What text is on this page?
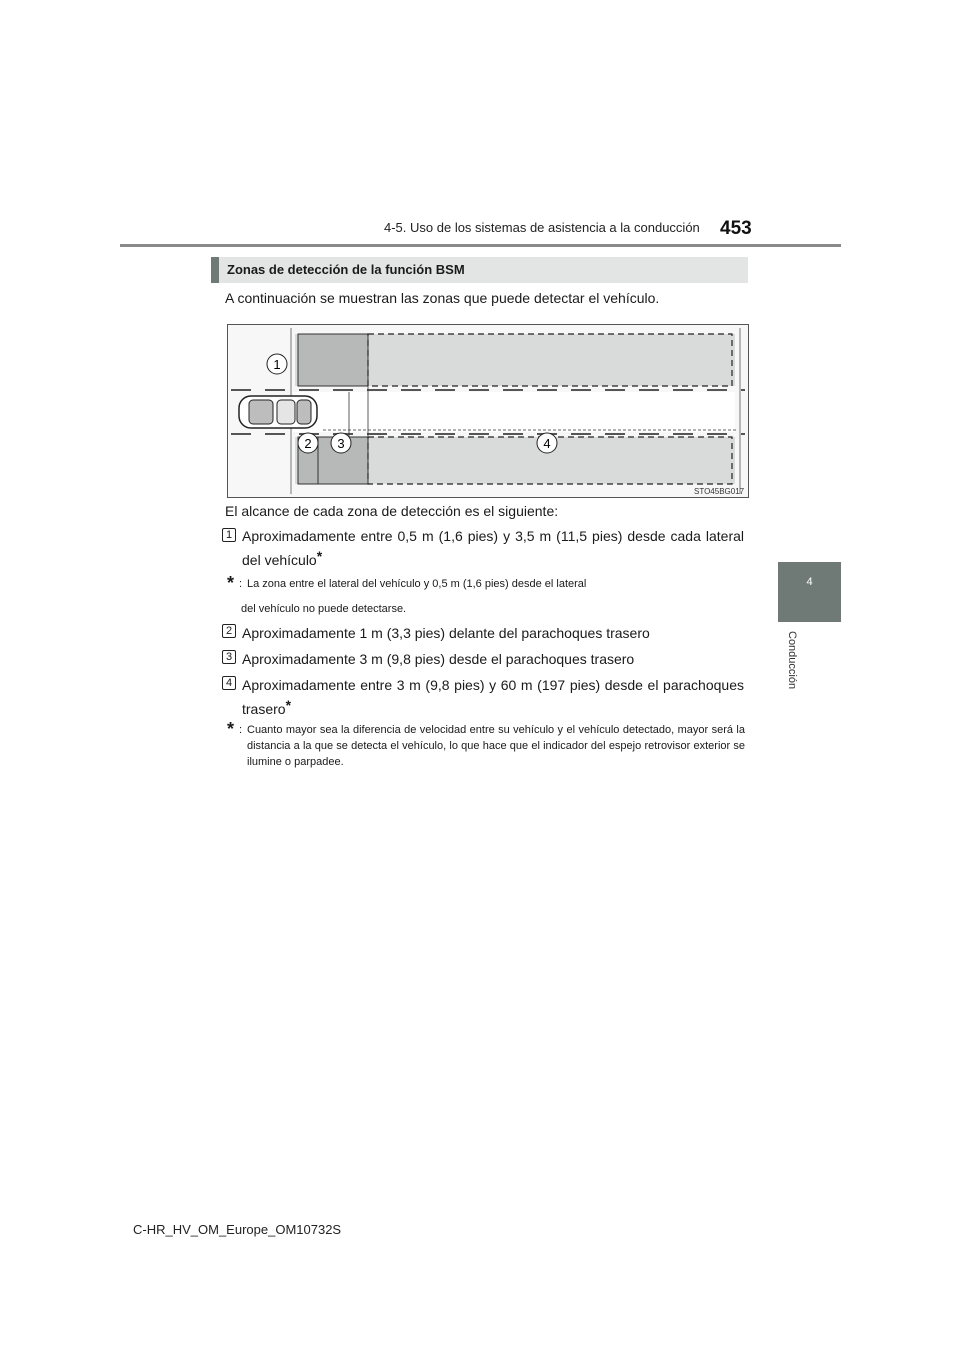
4-5. Uso de los sistemas de asistencia a la conducción 453
4
Conducción
Zonas de detección de la función BSM
A continuación se muestran las zonas que puede detectar el vehículo.
1
2 3	4
STO45BG017
El alcance de cada zona de detección es el siguiente:
1 Aproximadamente entre 0,5 m (1,6 pies) y 3,5 m (11,5 pies) desde cada lateral del vehículo*
* : La zona entre el lateral del vehículo y 0,5 m (1,6 pies) desde el lateral
del vehículo no puede detectarse.
2 Aproximadamente 1 m (3,3 pies) delante del parachoques trasero
3 Aproximadamente 3 m (9,8 pies) desde el parachoques trasero
4 Aproximadamente entre 3 m (9,8 pies) y 60 m (197 pies) desde el parachoques trasero*
* : Cuanto mayor sea la diferencia de velocidad entre su vehículo y el vehículo detectado, mayor será la distancia a la que se detecta el vehículo, lo que hace que el indicador del espejo retrovisor exterior se ilumine o parpadee.
C-HR_HV_OM_Europe_OM10732S
